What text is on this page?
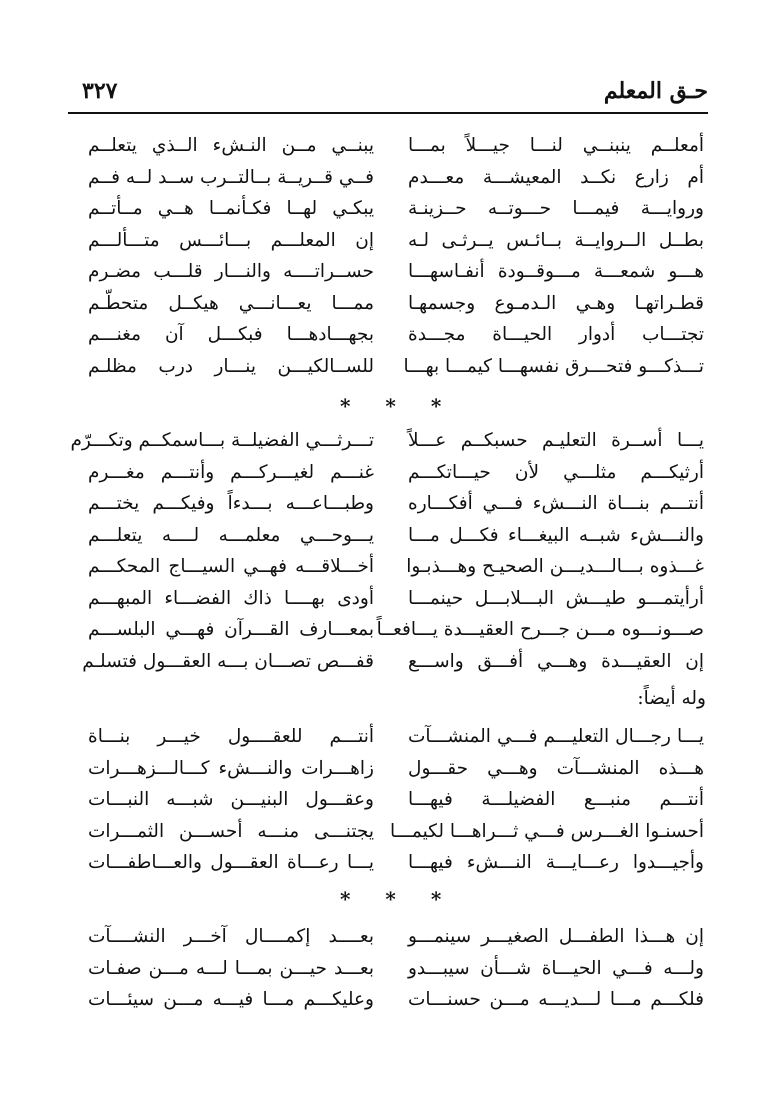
حـق المعلم
٣٢٧
أمعلــم ينبنــي لنـــا جيـــلاً بمـــا
يبنــي مــن النـشء الــذي يتعلــم
أم زارع نكــد المعيشـــة معـــدم
فــي قــريــة بــالتــرب ســد لــه فــم
وروايـــة فيمـــا حـــوتــه حــزينـة
يبكـي لهــا فكـأنمــا هــي مــأتــم
بطــل الــروايــة بــائـس يــرثـى لـه
إن المعلـــم بـــائـــس متـــألـــم
هـــو شمعـــة مـــوقــودة أنفـاسهـــا
حســراتــــه والنـــار قلـــب مضـرم
قطـراتهـا وهـي الـدمـوع وجسمهـا
ممـــا يعـــانـــي هيكــل متحطّـم
تجتـــاب أدوار الحيـــاة مجـــدة
بجهـــادهـــا فبكـــل آن مغنـــم
تـــذكـــو فتحـــرق نفسهـــا كيمـــا بهـــا
للســالكيـــن ينـــار درب مظلـم
* * *
يـــا أســرة التعليـم حسبكــم عـــلاً
تـــرثـــي الفضيلــة بـــاسمكــم وتكـــرّم
أرثيكـــم مثلـــي لأن حيـــاتكـــم
غنـــم لغيـــركـــم وأنتـــم مغـــرم
أنتـــم بنـــاة النـــشء فـــي أفكـــاره
وطبـــاعـــه بـــدءاً وفيكـــم يختـــم
والنـــشء شبــه البيغـــاء فكـــل مـــا
يـــوحـــي معلمـــه لــــه يتعلـــم
غـــذوه بـــالـــديـــن الصحيـح وهـــذبـوا
أخـــلاقـــه فهــي السيـــاج المحكـــم
أرأيتمـــو طيـــش البـــلابـــل حينمـــا
أودى بهــــا ذاك الفضـــاء المبهـــم
صـــونـــوه مـــن جـــرح العقيـــدة يـــافعــاً
بمعـــارف القـــرآن فهـــي البلســـم
إن العقيـــدة وهـــي أفـــق واســـع
قفـــص تصـــان بـــه العقـــول فتسلـم
وله أيضاً:
يـــا رجـــال التعليـــم فـــي المنشـــآت
أنتـــم للعقــــول خيـــر بنـــاة
هـــذه المنشـــآت وهـــي حقـــول
زاهـــرات والنـــشء كـــالـــزهـــرات
أنتـــم منبـــع الفضيلـــة فيهـــا
وعقـــول البنيـــن شبـــه النبـــات
أحسنـوا الغـــرس فـــي ثـــراهـــا لكيمـــا
يجتنـــى منـــه أحســـن الثمـــرات
وأجيـــدوا رعـــايـــة النـــشء فيهـــا
يـــا رعـــاة العقـــول والعـــاطفـــات
* * *
إن هـــذا الطفـــل الصغيـــر سينمـــو
بعــــد إكمــــال آخـــر النشــــآت
ولـــه فـــي الحيـــاة شـــأن سيبـــدو
بعـــد حيـــن بمـــا لـــه مـــن صفـات
فلكـــم مـــا لـــديـــه مـــن حسنـــات
وعليكـــم مـــا فيـــه مـــن سيئـــات
